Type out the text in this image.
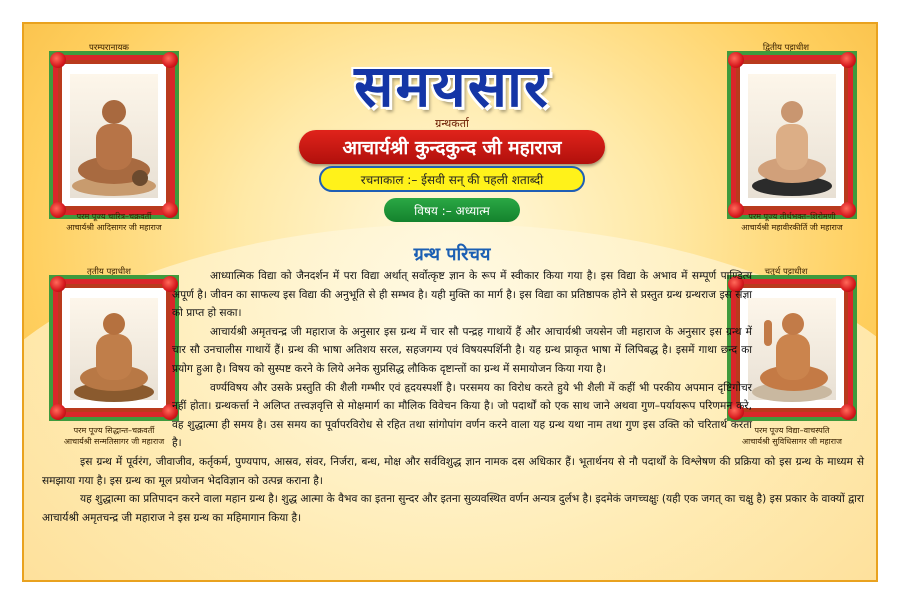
समयसार
ग्रन्थकर्ता
आचार्यश्री कुन्दकुन्द जी महाराज
रचनाकाल :– ईसवी सन् की पहली शताब्दी
विषय :– अध्यात्म
ग्रन्थ परिचय
परम्परानायक
परम पूज्य चारित्र–चक्रवर्ती
आचार्यश्री आदिसागर जी महाराज
द्वितीय पट्टाधीश
परम पूज्य तीर्थभक्त–शिरोमणी
आचार्यश्री महावीरकीर्ति जी महाराज
तृतीय पट्टाधीश
परम पूज्य सिद्धान्त–चक्रवर्ती
आचार्यश्री सन्मतिसागर जी महाराज
चतुर्थ पट्टाधीश
परम पूज्य विद्या–वाचस्पति
आचार्यश्री सुविधिसागर जी महाराज

आध्यात्मिक विद्या को जैनदर्शन में परा विद्या अर्थात् सर्वोत्कृष्ट ज्ञान के रूप में स्वीकार किया गया है। इस विद्या के अभाव में सम्पूर्ण पाण्डित्य अपूर्ण है। जीवन का साफल्य इस विद्या की अनुभूति से ही सम्भव है। यही मुक्ति का मार्ग है। इस विद्या का प्रतिष्ठापक होने से प्रस्तुत ग्रन्थ ग्रन्थराज इस संज्ञा को प्राप्त हो सका।

आचार्यश्री अमृतचन्द्र जी महाराज के अनुसार इस ग्रन्थ में चार सौ पन्द्रह गाथायें हैं और आचार्यश्री जयसेन जी महाराज के अनुसार इस ग्रन्थ में चार सौ उनचालीस गाथायें हैं। ग्रन्थ की भाषा अतिशय सरल, सहजगम्य एवं विषयस्पर्शिनी है। यह ग्रन्थ प्राकृत भाषा में लिपिबद्ध है। इसमें गाथा छन्द का प्रयोग हुआ है। विषय को सुस्पष्ट करने के लिये अनेक सुप्रसिद्ध लौकिक दृष्टान्तों का ग्रन्थ में समायोजन किया गया है।

वर्ण्यविषय और उसके प्रस्तुति की शैली गम्भीर एवं हृदयस्पर्शी है। परसमय का विरोध करते हुये भी शैली में कहीं भी परकीय अपमान दृष्टिगोचर नहीं होता। ग्रन्थकर्त्ता ने अलिप्त तत्त्वज्ञवृत्ति से मोक्षमार्ग का मौलिक विवेचन किया है। जो पदार्थों को एक साथ जाने अथवा गुण–पर्यायरूप परिणमन करे, वह शुद्धात्मा ही समय है। उस समय का पूर्वापरविरोध से रहित तथा सांगोपांग वर्णन करने वाला यह ग्रन्थ यथा नाम तथा गुण इस उक्ति को चरितार्थ करता है।

इस ग्रन्थ में पूर्वरंग, जीवाजीव, कर्तृकर्म, पुण्यपाप, आस्रव, संवर, निर्जरा, बन्ध, मोक्ष और सर्वविशुद्ध ज्ञान नामक दस अधिकार हैं। भूतार्थनय से नौ पदार्थों के विश्लेषण की प्रक्रिया को इस ग्रन्थ के माध्यम से समझाया गया है। इस ग्रन्थ का मूल प्रयोजन भेदविज्ञान को उत्पन्न कराना है।

यह शुद्धात्मा का प्रतिपादन करने वाला महान ग्रन्थ है। शुद्ध आत्मा के वैभव का इतना सुन्दर और इतना सुव्यवस्थित वर्णन अन्यत्र दुर्लभ है। इदमेकं जगच्चक्षुः (यही एक जगत् का चक्षु है) इस प्रकार के वाक्यों द्वारा आचार्यश्री अमृतचन्द्र जी महाराज ने इस ग्रन्थ का महिमागान किया है।
